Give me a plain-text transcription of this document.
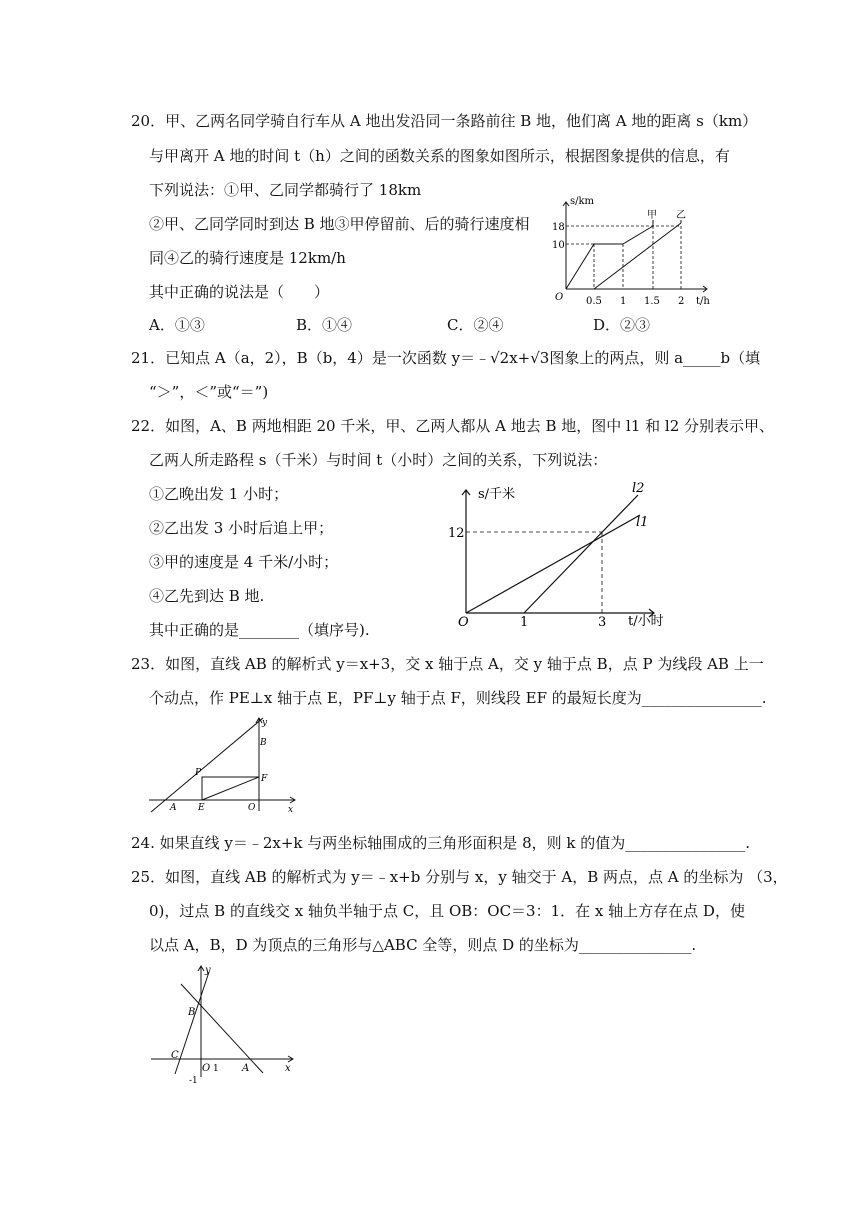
20．甲、乙两名同学骑自行车从 A 地出发沿同一条路前往 B 地，他们离 A 地的距离 s（km）
与甲离开 A 地的时间 t（h）之间的函数关系的图象如图所示，根据图象提供的信息，有
下列说法：①甲、乙同学都骑行了 18km
②甲、乙同学同时到达 B 地③甲停留前、后的骑行速度相
同④乙的骑行速度是 12km/h
其中正确的说法是（　　）
A．①③	B．①④	C．②④	D．②③
s/km
t/h
O
10
18
0.5 1 1.5 2
甲 乙
21．已知点 A（a，2），B（b，4）是一次函数 y＝﹣√2x+√3图象上的两点，则 a_____b（填
“＞”，＜”或“＝”)
22．如图，A、B 两地相距 20 千米，甲、乙两人都从 A 地去 B 地，图中 l1 和 l2 分别表示甲、
乙两人所走路程 s（千米）与时间 t（小时）之间的关系，下列说法：
①乙晚出发 1 小时；
②乙出发 3 小时后追上甲；
③甲的速度是 4 千米/小时；
④乙先到达 B 地.
其中正确的是________（填序号).
s/千米
t/小时
O
12
1	3
l2
l1
23．如图，直线 AB 的解析式 y＝x+3，交 x 轴于点 A，交 y 轴于点 B，点 P 为线段 AB 上一
个动点，作 PE⊥x 轴于点 E，PF⊥y 轴于点 F，则线段 EF 的最短长度为________________.
y
B
P
F
A E	O	x
24. 如果直线 y＝﹣2x+k 与两坐标轴围成的三角形面积是 8，则 k 的值为________________.
25．如图，直线 AB 的解析式为 y＝﹣x+b 分别与 x，y 轴交于 A，B 两点，点 A 的坐标为 （3，
0)，过点 B 的直线交 x 轴负半轴于点 C，且 OB：OC＝3：1．在 x 轴上方存在点 D，使
以点 A，B，D 为顶点的三角形与△ABC 全等，则点 D 的坐标为_______________.
y
B
C
O 1 A	x
-1
